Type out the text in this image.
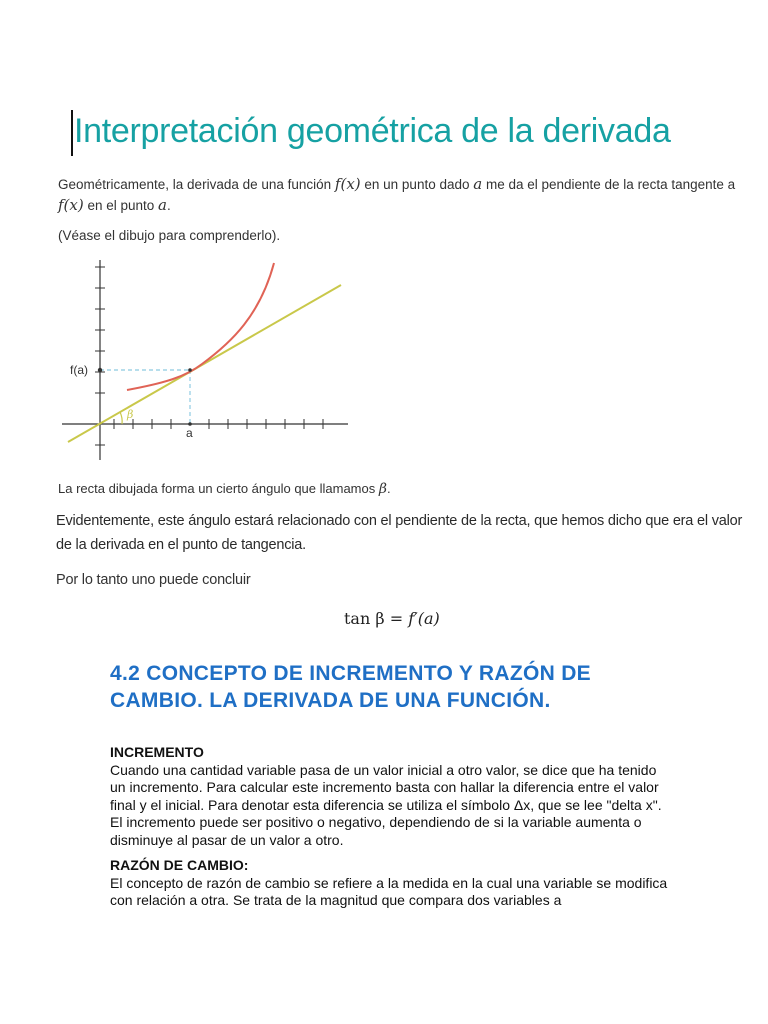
Interpretación geométrica de la derivada
Geométricamente, la derivada de una función f(x) en un punto dado a me da el pendiente de la recta tangente a f(x) en el punto a.
(Véase el dibujo para comprenderlo).
β
f(a)
a
La recta dibujada forma un cierto ángulo que llamamos β.
Evidentemente, este ángulo estará relacionado con el pendiente de la recta, que hemos dicho que era el valor de la derivada en el punto de tangencia.
Por lo tanto uno puede concluir
tan β = f′(a)
4.2 CONCEPTO DE INCREMENTO Y RAZÓN DE CAMBIO. LA DERIVADA DE UNA FUNCIÓN.
INCREMENTO
Cuando una cantidad variable pasa de un valor inicial a otro valor, se dice que ha tenido un incremento. Para calcular este incremento basta con hallar la diferencia entre el valor final y el inicial. Para denotar esta diferencia se utiliza el símbolo Δx, que se lee "delta x". El incremento puede ser positivo o negativo, dependiendo de si la variable aumenta o disminuye al pasar de un valor a otro.
RAZÓN DE CAMBIO:
El concepto de razón de cambio se refiere a la medida en la cual una variable se modifica con relación a otra. Se trata de la magnitud que compara dos variables a
